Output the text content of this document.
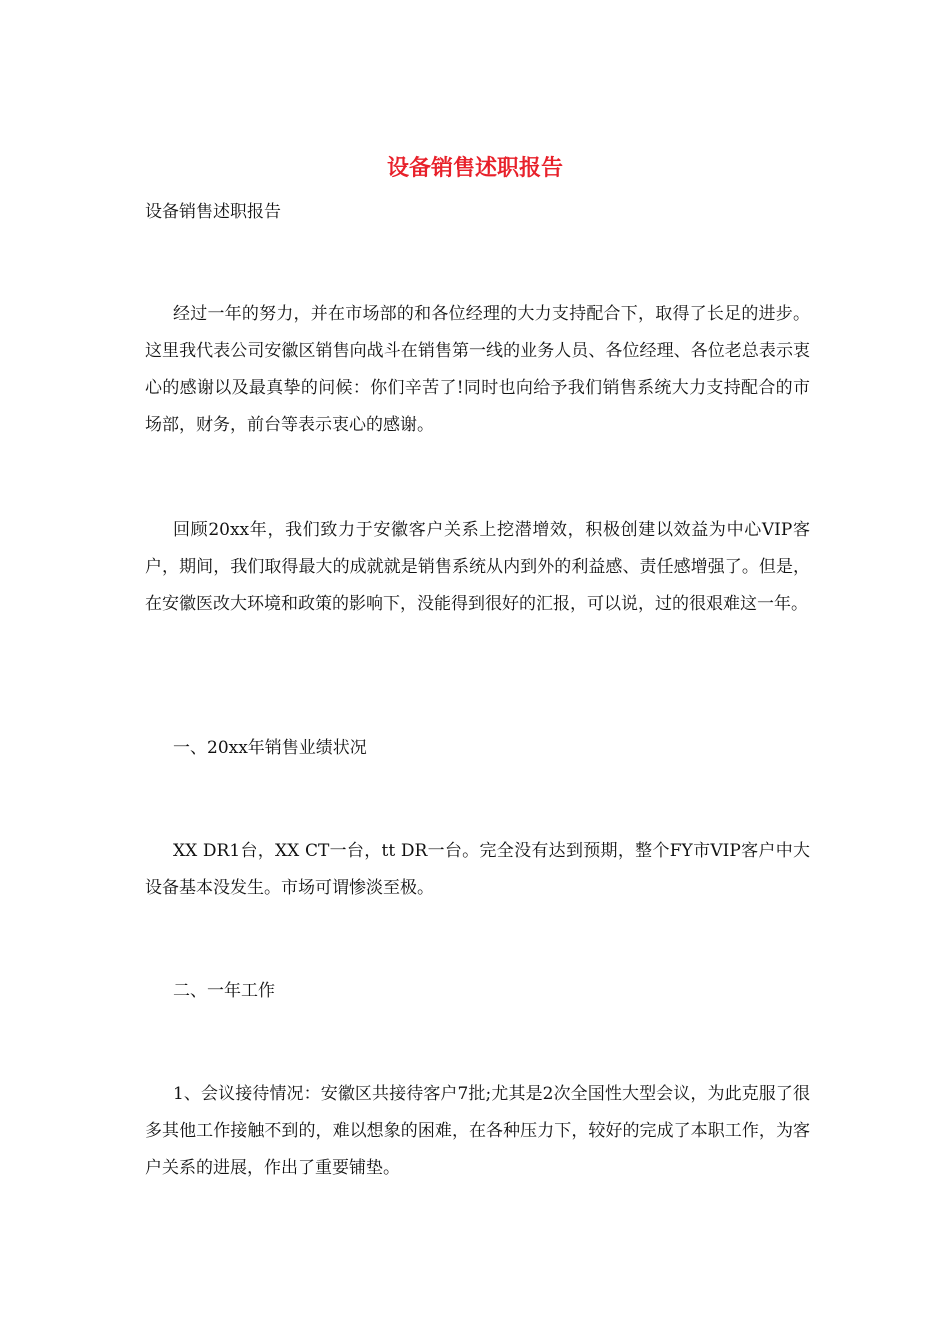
设备销售述职报告

设备销售述职报告

经过一年的努力，并在市场部的和各位经理的大力支持配合下，取得了长足的进步。这里我代表公司安徽区销售向战斗在销售第一线的业务人员、各位经理、各位老总表示衷心的感谢以及最真挚的问候：你们辛苦了!同时也向给予我们销售系统大力支持配合的市场部，财务，前台等表示衷心的感谢。

回顾20xx年，我们致力于安徽客户关系上挖潜增效，积极创建以效益为中心VIP客户，期间，我们取得最大的成就就是销售系统从内到外的利益感、责任感增强了。但是，在安徽医改大环境和政策的影响下，没能得到很好的汇报，可以说，过的很艰难这一年。

一、20xx年销售业绩状况

XX DR1台，XX CT一台，tt DR一台。完全没有达到预期，整个FY市VIP客户中大设备基本没发生。市场可谓惨淡至极。

二、一年工作

1、会议接待情况：安徽区共接待客户7批;尤其是2次全国性大型会议，为此克服了很多其他工作接触不到的，难以想象的困难，在各种压力下，较好的完成了本职工作，为客户关系的进展，作出了重要铺垫。
